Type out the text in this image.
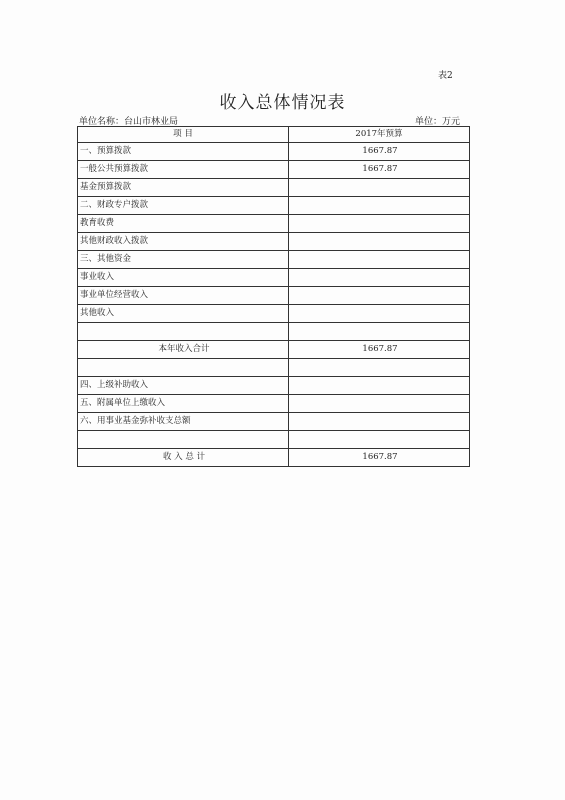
表2
收入总体情况表
单位名称：台山市林业局	单位：万元
项 目	2017年预算
一、预算拨款	1667.87
一般公共预算拨款	1667.87
基金预算拨款	
二、财政专户拨款	
教育收费	
其他财政收入拨款	
三、其他资金	
事业收入	
事业单位经营收入	
其他收入	

本年收入合计	1667.87

四、上级补助收入	
五、附属单位上缴收入	
六、用事业基金弥补收支总额	

收 入 总 计	1667.87
